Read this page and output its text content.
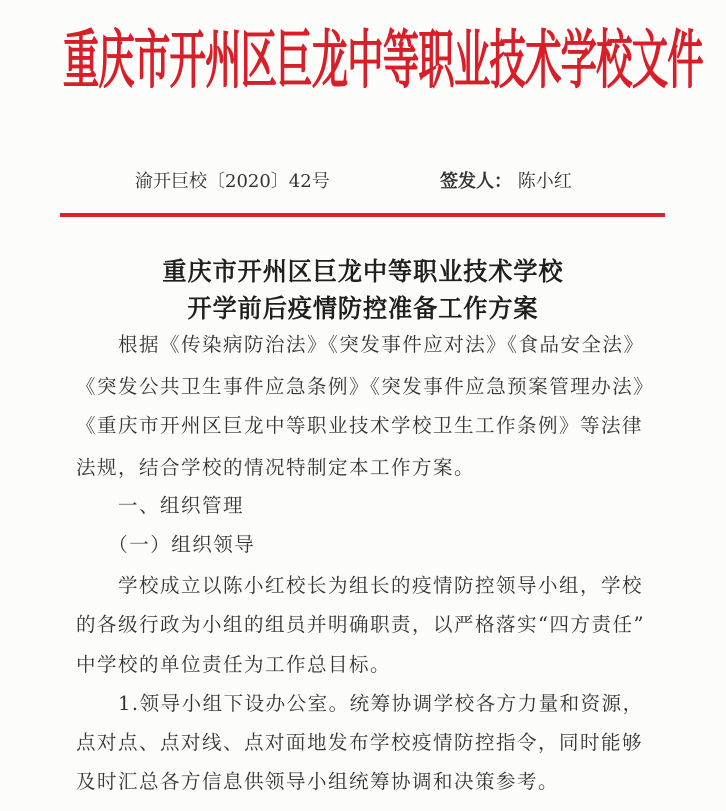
重庆市开州区巨龙中等职业技术学校文件
渝开巨校〔2020〕42号	签发人： 陈小红
重庆市开州区巨龙中等职业技术学校
开学前后疫情防控准备工作方案
　　根据《传染病防治法》《突发事件应对法》《食品安全法》
《突发公共卫生事件应急条例》《突发事件应急预案管理办法》
《重庆市开州区巨龙中等职业技术学校卫生工作条例》等法律
法规，结合学校的情况特制定本工作方案。
　　一、组织管理
　　（一）组织领导
　　学校成立以陈小红校长为组长的疫情防控领导小组，学校
的各级行政为小组的组员并明确职责，以严格落实“四方责任”
中学校的单位责任为工作总目标。
　　1.领导小组下设办公室。统筹协调学校各方力量和资源，
点对点、点对线、点对面地发布学校疫情防控指令，同时能够
及时汇总各方信息供领导小组统筹协调和决策参考。
